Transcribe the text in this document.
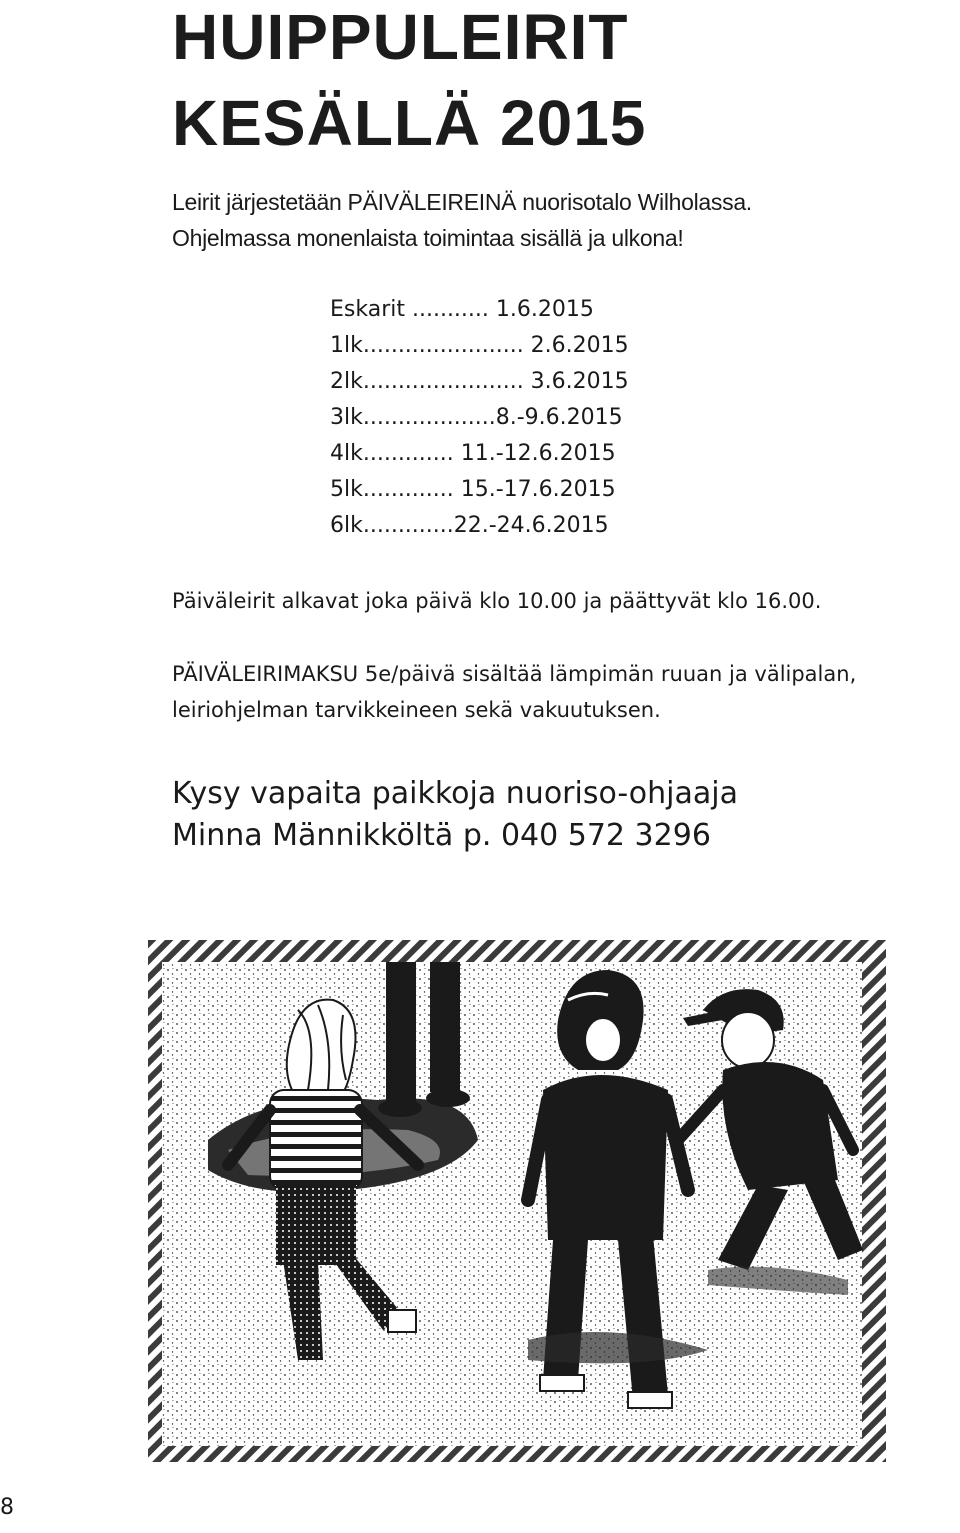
HUIPPULEIRIT
KESÄLLÄ 2015

Leirit järjestetään PÄIVÄLEIREINÄ nuorisotalo Wilholassa.
Ohjelmassa monenlaista toimintaa sisällä ja ulkona!

Eskarit ........... 1.6.2015
1lk....................... 2.6.2015
2lk....................... 3.6.2015
3lk...................8.-9.6.2015
4lk............. 11.-12.6.2015
5lk............. 15.-17.6.2015
6lk.............22.-24.6.2015

Päiväleirit alkavat joka päivä klo 10.00 ja päättyvät klo 16.00.

PÄIVÄLEIRIMAKSU 5e/päivä sisältää lämpimän ruuan ja välipalan,
leiriohjelman tarvikkeineen sekä vakuutuksen.

Kysy vapaita paikkoja nuoriso-ohjaaja
Minna Männikköltä p. 040 572 3296

8
